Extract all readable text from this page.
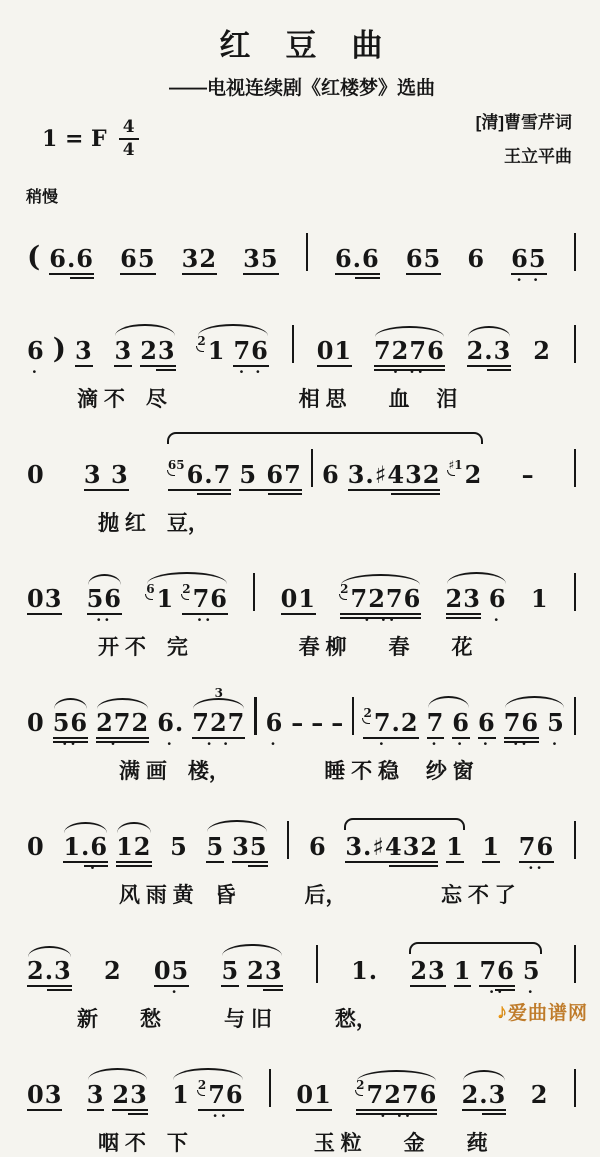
红　豆　曲
——电视连续剧《红楼梦》选曲
1 = F $\frac{4}{4}$	[清]曹雪芹词
王立平曲
稍慢
( 6.6 65 32 35 6.6 65 6 65
· ·
6
·
) 3 3 23 21 76
· ·
01 7276
· ··
2.3 2
　滴 不　尽　　　　　　 相 思　　血　 泪
0 3 3	656.7 5 67 6 3.♯432 ♯12 –
　　抛 红　豆，
03 56
··
61 276
··
01 27276
· ··
23 6
·
1
　　开 不　完　　　　　 春 柳　　春　　花
0 56
··
272
·
6.
·
727
3
· ·
6
·
– – – 27.2
·
7
·
6
·
6
·
76
··
5
·
　　　满 画　楼，　　　　　睡 不 稳　 纱 窗
0 1.6
·
12 5 5 35 6 3.♯432 1 1 76
··
　　　风 雨 黄　昏　　　 后，　　　　　忘 不 了
2.3 2 05
·
5 23	1. 23 1 76
··
5
·
　新　　愁　　　与 旧　　　愁，
03 3 23 1 276
··
01 27276
· ··
2.3 2
　　咽 不　下　　　　　　玉 粒　　金　　莼
♪ 爱曲谱网
